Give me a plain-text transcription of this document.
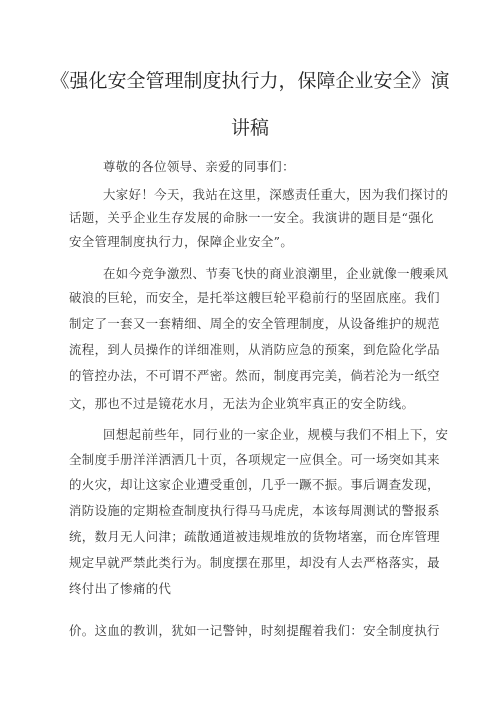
《强化安全管理制度执行力，保障企业安全》演
讲稿
尊敬的各位领导、亲爱的同事们：
大家好！今天，我站在这里，深感责任重大，因为我们探讨的
话题，关乎企业生存发展的命脉一一安全。我演讲的题目是“强化
安全管理制度执行力，保障企业安全”。
在如今竞争激烈、节奏飞快的商业浪潮里，企业就像一艘乘风
破浪的巨轮，而安全，是托举这艘巨轮平稳前行的坚固底座。我们
制定了一套又一套精细、周全的安全管理制度，从设备维护的规范
流程，到人员操作的详细准则，从消防应急的预案，到危险化学品
的管控办法，不可谓不严密。然而，制度再完美，倘若沦为一纸空
文，那也不过是镜花水月，无法为企业筑牢真正的安全防线。
回想起前些年，同行业的一家企业，规模与我们不相上下，安
全制度手册洋洋洒洒几十页，各项规定一应俱全。可一场突如其来
的火灾，却让这家企业遭受重创，几乎一蹶不振。事后调查发现，
消防设施的定期检查制度执行得马马虎虎，本该每周测试的警报系
统，数月无人问津；疏散通道被违规堆放的货物堵塞，而仓库管理
规定早就严禁此类行为。制度摆在那里，却没有人去严格落实，最
终付出了惨痛的代
价。这血的教训，犹如一记警钟，时刻提醒着我们：安全制度执行
